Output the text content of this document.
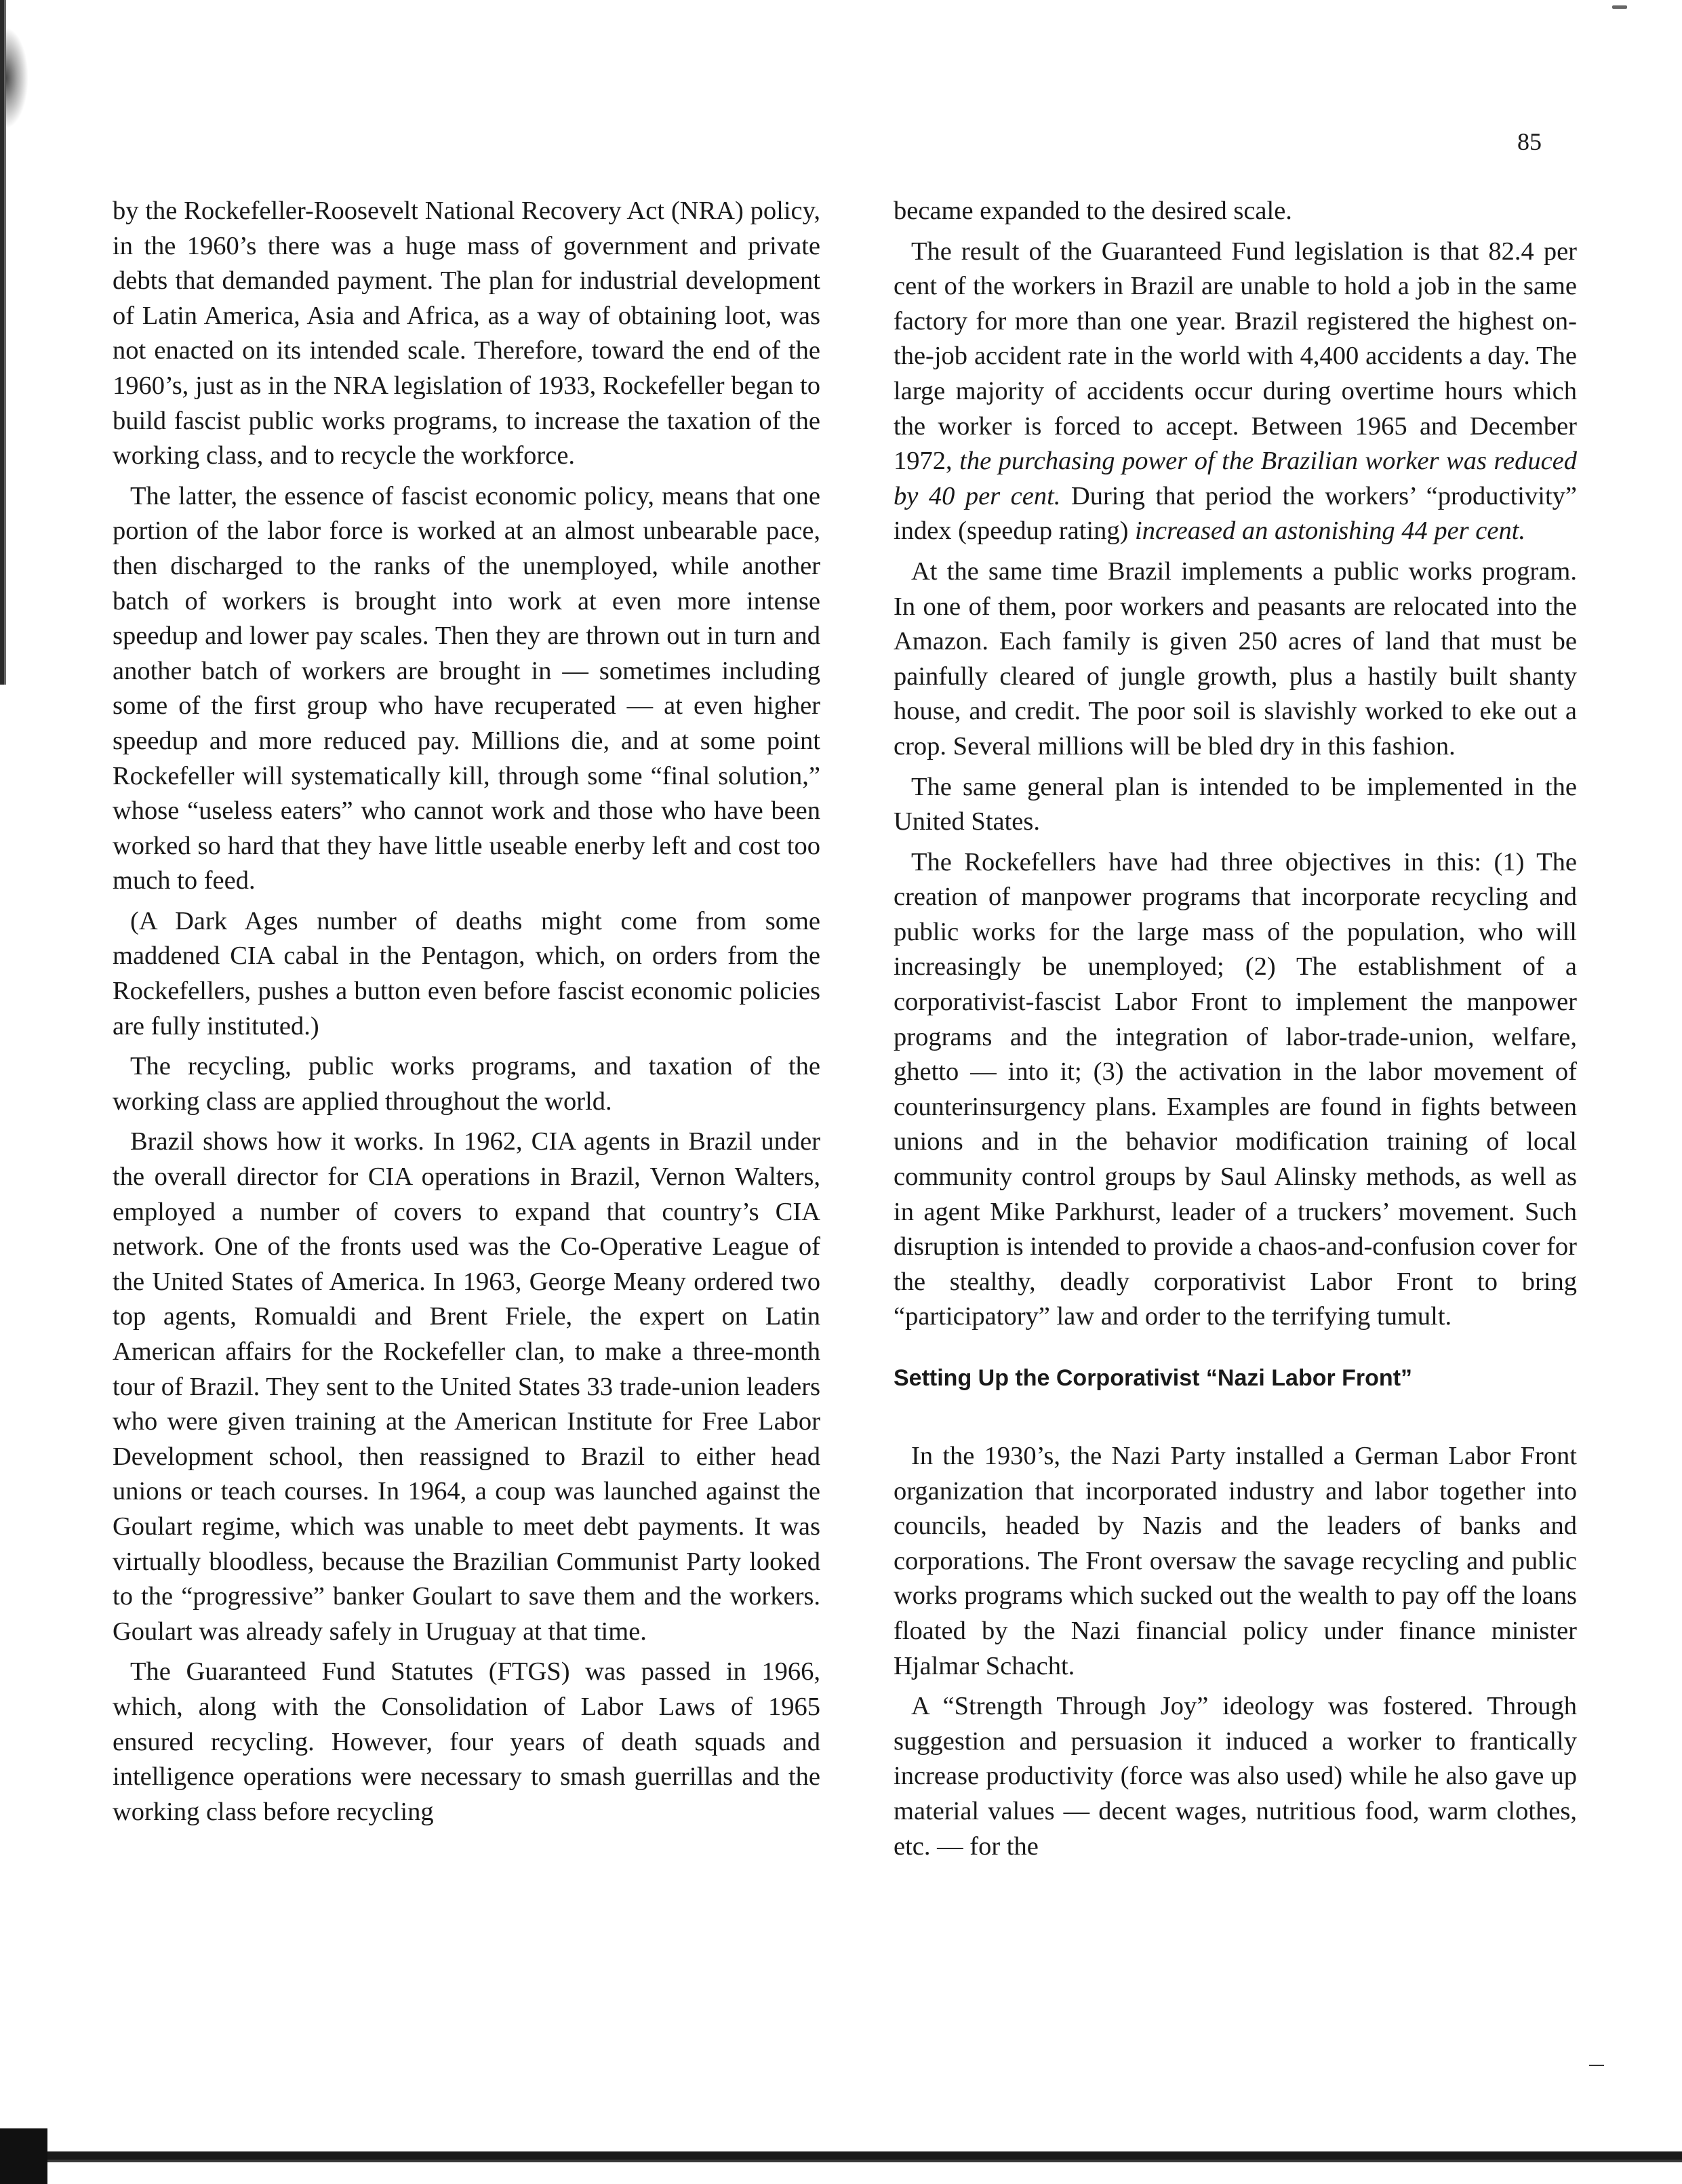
85

by the Rockefeller-Roosevelt National Recovery Act (NRA) policy, in the 1960’s there was a huge mass of government and private debts that demanded payment. The plan for industrial development of Latin America, Asia and Africa, as a way of obtaining loot, was not enacted on its intended scale. Therefore, toward the end of the 1960’s, just as in the NRA legislation of 1933, Rockefeller began to build fascist public works programs, to increase the taxation of the working class, and to recycle the workforce.

The latter, the essence of fascist economic policy, means that one portion of the labor force is worked at an almost unbearable pace, then discharged to the ranks of the unemployed, while another batch of workers is brought into work at even more intense speedup and lower pay scales. Then they are thrown out in turn and another batch of workers are brought in — sometimes including some of the first group who have recuperated — at even higher speedup and more reduced pay. Millions die, and at some point Rockefeller will systematically kill, through some “final solution,” whose “useless eaters” who cannot work and those who have been worked so hard that they have little useable enerby left and cost too much to feed.

(A Dark Ages number of deaths might come from some maddened CIA cabal in the Pentagon, which, on orders from the Rockefellers, pushes a button even before fascist economic policies are fully instituted.)

The recycling, public works programs, and taxation of the working class are applied throughout the world.

Brazil shows how it works. In 1962, CIA agents in Brazil under the overall director for CIA operations in Brazil, Vernon Walters, employed a number of covers to expand that country’s CIA network. One of the fronts used was the Co-Operative League of the United States of America. In 1963, George Meany ordered two top agents, Romualdi and Brent Friele, the expert on Latin American affairs for the Rockefeller clan, to make a three-month tour of Brazil. They sent to the United States 33 trade-union leaders who were given training at the American Institute for Free Labor Development school, then reassigned to Brazil to either head unions or teach courses. In 1964, a coup was launched against the Goulart regime, which was unable to meet debt payments. It was virtually bloodless, because the Brazilian Communist Party looked to the “progressive” banker Goulart to save them and the workers. Goulart was already safely in Uruguay at that time.

The Guaranteed Fund Statutes (FTGS) was passed in 1966, which, along with the Consolidation of Labor Laws of 1965 ensured recycling. However, four years of death squads and intelligence operations were necessary to smash guerrillas and the working class before recycling

became expanded to the desired scale.

The result of the Guaranteed Fund legislation is that 82.4 per cent of the workers in Brazil are unable to hold a job in the same factory for more than one year. Brazil registered the highest on-the-job accident rate in the world with 4,400 accidents a day. The large majority of accidents occur during overtime hours which the worker is forced to accept. Between 1965 and December 1972, the purchasing power of the Brazilian worker was reduced by 40 per cent. During that period the workers’ “productivity” index (speedup rating) increased an astonishing 44 per cent.

At the same time Brazil implements a public works program. In one of them, poor workers and peasants are relocated into the Amazon. Each family is given 250 acres of land that must be painfully cleared of jungle growth, plus a hastily built shanty house, and credit. The poor soil is slavishly worked to eke out a crop. Several millions will be bled dry in this fashion.

The same general plan is intended to be implemented in the United States.

The Rockefellers have had three objectives in this: (1) The creation of manpower programs that incorporate recycling and public works for the large mass of the population, who will increasingly be unemployed; (2) The establishment of a corporativist-fascist Labor Front to implement the manpower programs and the integration of labor-trade-union, welfare, ghetto — into it; (3) the activation in the labor movement of counterinsurgency plans. Examples are found in fights between unions and in the behavior modification training of local community control groups by Saul Alinsky methods, as well as in agent Mike Parkhurst, leader of a truckers’ movement. Such disruption is intended to provide a chaos-and-confusion cover for the stealthy, deadly corporativist Labor Front to bring “participatory” law and order to the terrifying tumult.

Setting Up the Corporativist “Nazi Labor Front”

In the 1930’s, the Nazi Party installed a German Labor Front organization that incorporated industry and labor together into councils, headed by Nazis and the leaders of banks and corporations. The Front oversaw the savage recycling and public works programs which sucked out the wealth to pay off the loans floated by the Nazi financial policy under finance minister Hjalmar Schacht.

A “Strength Through Joy” ideology was fostered. Through suggestion and persuasion it induced a worker to frantically increase productivity (force was also used) while he also gave up material values — decent wages, nutritious food, warm clothes, etc. — for the
